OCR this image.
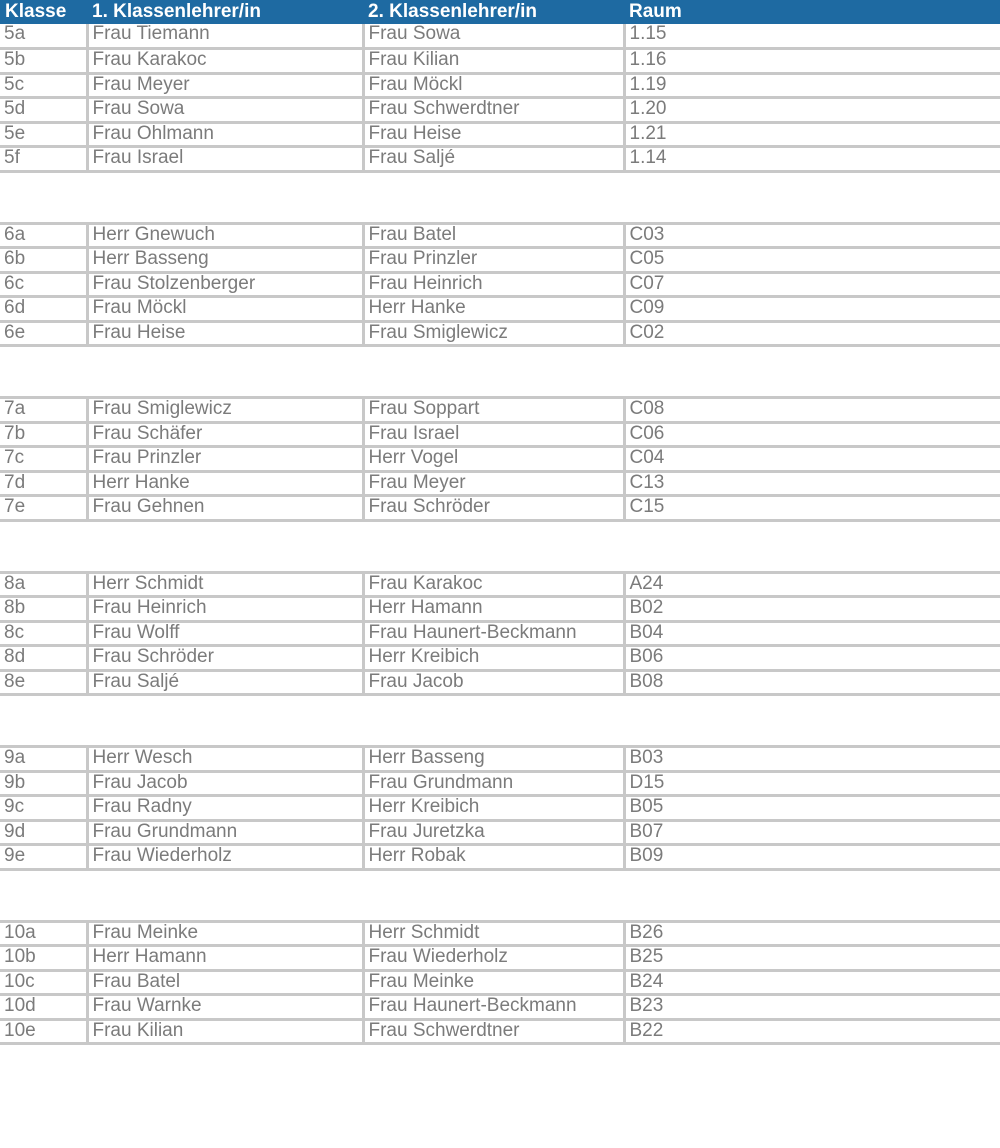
Klasse	1. Klassenlehrer/in	2. Klassenlehrer/in	Raum
5a	Frau Tiemann	Frau Sowa	1.15
5b	Frau Karakoc	Frau Kilian	1.16
5c	Frau Meyer	Frau Möckl	1.19
5d	Frau Sowa	Frau Schwerdtner	1.20
5e	Frau Ohlmann	Frau Heise	1.21
5f	Frau Israel	Frau Saljé	1.14

6a	Herr Gnewuch	Frau Batel	C03
6b	Herr Basseng	Frau Prinzler	C05
6c	Frau Stolzenberger	Frau Heinrich	C07
6d	Frau Möckl	Herr Hanke	C09
6e	Frau Heise	Frau Smiglewicz	C02

7a	Frau Smiglewicz	Frau Soppart	C08
7b	Frau Schäfer	Frau Israel	C06
7c	Frau Prinzler	Herr Vogel	C04
7d	Herr Hanke	Frau Meyer	C13
7e	Frau Gehnen	Frau Schröder	C15

8a	Herr Schmidt	Frau Karakoc	A24
8b	Frau Heinrich	Herr Hamann	B02
8c	Frau Wolff	Frau Haunert-Beckmann	B04
8d	Frau Schröder	Herr Kreibich	B06
8e	Frau Saljé	Frau Jacob	B08

9a	Herr Wesch	Herr Basseng	B03
9b	Frau Jacob	Frau Grundmann	D15
9c	Frau Radny	Herr Kreibich	B05
9d	Frau Grundmann	Frau Juretzka	B07
9e	Frau Wiederholz	Herr Robak	B09

10a	Frau Meinke	Herr Schmidt	B26
10b	Herr Hamann	Frau Wiederholz	B25
10c	Frau Batel	Frau Meinke	B24
10d	Frau Warnke	Frau Haunert-Beckmann	B23
10e	Frau Kilian	Frau Schwerdtner	B22
